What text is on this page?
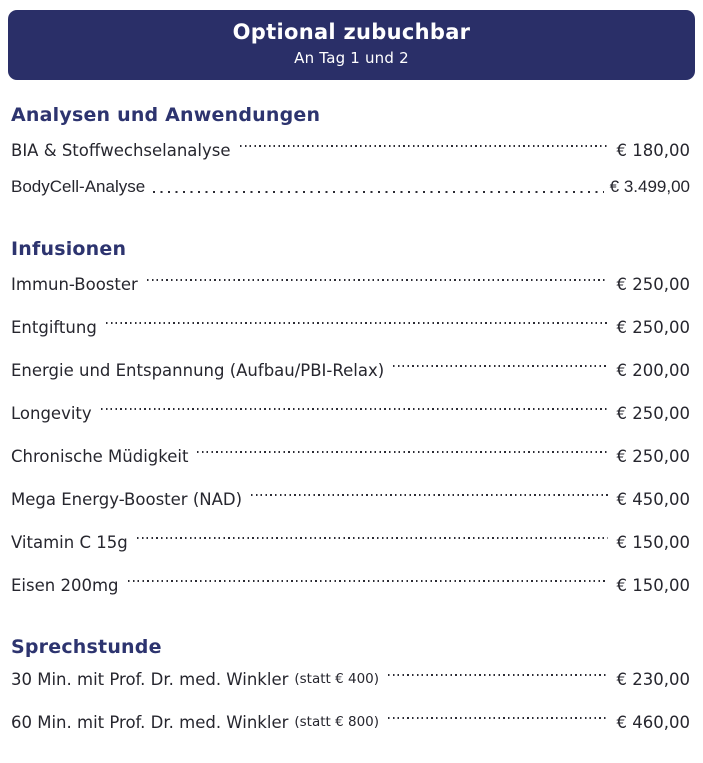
Optional zubuchbar
An Tag 1 und 2
Analysen und Anwendungen
BIA & Stoffwechselanalyse	€ 180,00
BodyCell-Analyse	€ 3.499,00
Infusionen
Immun-Booster	€ 250,00
Entgiftung	€ 250,00
Energie und Entspannung (Aufbau/PBI-Relax)	€ 200,00
Longevity	€ 250,00
Chronische Müdigkeit	€ 250,00
Mega Energy-Booster (NAD)	€ 450,00
Vitamin C 15g	€ 150,00
Eisen 200mg	€ 150,00
Sprechstunde
30 Min. mit Prof. Dr. med. Winkler (statt € 400)	€ 230,00
60 Min. mit Prof. Dr. med. Winkler (statt € 800)	€ 460,00
